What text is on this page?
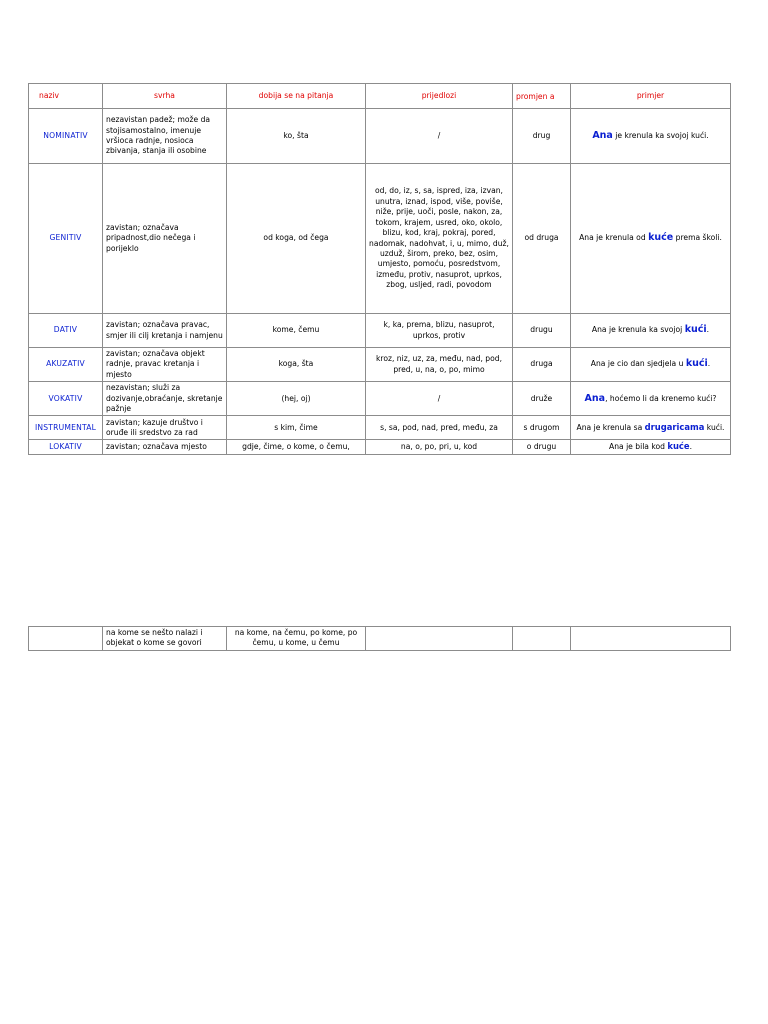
naziv	svrha	dobija se na pitanja	prijedlozi	promjen a	primjer
NOMINATIV	nezavistan padež; može da stojisamostalno, imenuje vršioca radnje, nosioca zbivanja, stanja ili osobine	ko, šta	/	drug	Ana je krenula ka svojoj kući.
GENITIV	zavistan; označava pripadnost,dio nečega i porijeklo	od koga, od čega	od, do, iz, s, sa, ispred, iza, izvan, unutra, iznad, ispod, više, poviše, niže, prije, uoči, posle, nakon, za, tokom, krajem, usred, oko, okolo, blizu, kod, kraj, pokraj, pored, nadomak, nadohvat, i, u, mimo, duž, uzduž, širom, preko, bez, osim, umjesto, pomoću, posredstvom, između, protiv, nasuprot, uprkos, zbog, usljed, radi, povodom	od druga	Ana je krenula od kuće prema školi.
DATIV	zavistan; označava pravac, smjer ili cilj kretanja i namjenu	kome, čemu	k, ka, prema, blizu, nasuprot, uprkos, protiv	drugu	Ana je krenula ka svojoj kući.
AKUZATIV	zavistan; označava objekt radnje, pravac kretanja i mjesto	koga, šta	kroz, niz, uz, za, među, nad, pod, pred, u, na, o, po, mimo	druga	Ana je cio dan sjedjela u kući.
VOKATIV	nezavistan; služi za dozivanje,obraćanje, skretanje pažnje	(hej, oj)	/	druže	Ana, hoćemo li da krenemo kući?
INSTRUMENTAL	zavistan; kazuje društvo i oruđe ili sredstvo za rad	s kim, čime	s, sa, pod, nad, pred, među, za	s drugom	Ana je krenula sa drugaricama kući.
LOKATIV	zavistan; označava mjesto	gdje, čime, o kome, o čemu,	na, o, po, pri, u, kod	o drugu	Ana je bila kod kuće.
	na kome se nešto nalazi i objekat o kome se govori	na kome, na čemu, po kome, po čemu, u kome, u čemu			
